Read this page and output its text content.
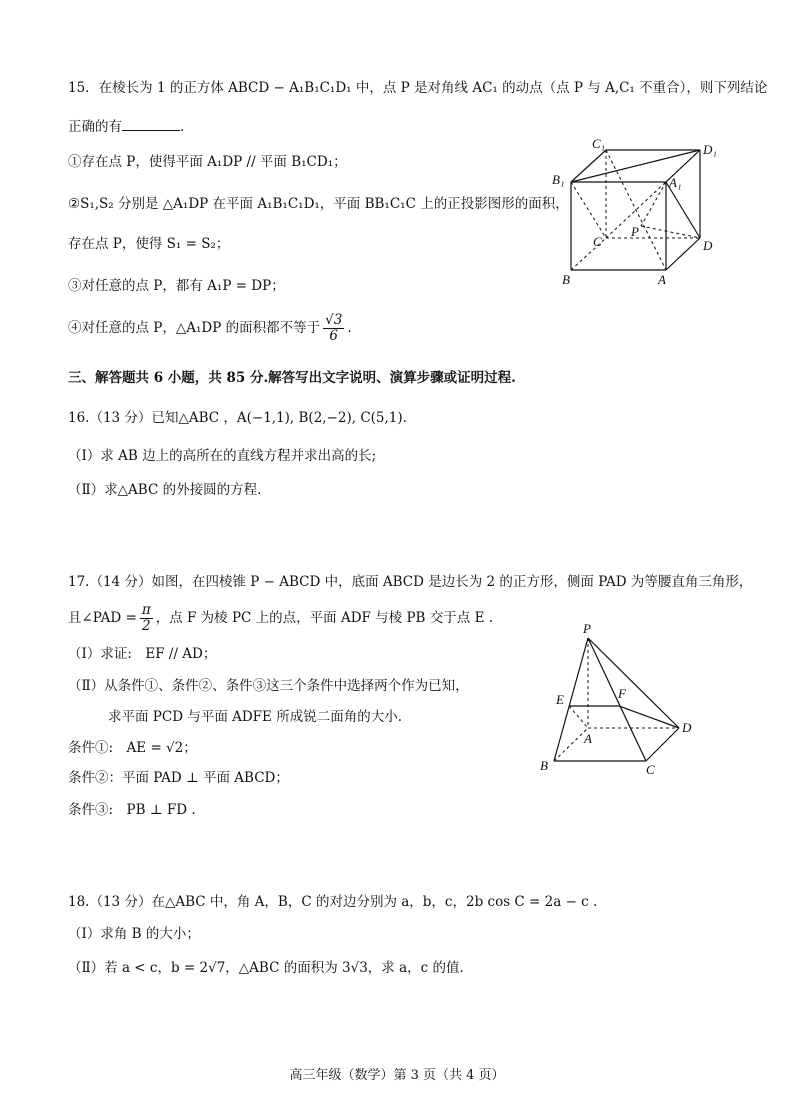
15．在棱长为 1 的正方体 ABCD − A₁B₁C₁D₁ 中，点 P 是对角线 AC₁ 的动点（点 P 与 A,C₁ 不重合），则下列结论
正确的有	.
①存在点 P，使得平面 A₁DP // 平面 B₁CD₁；
②S₁,S₂ 分别是 △A₁DP 在平面 A₁B₁C₁D₁，平面 BB₁C₁C 上的正投影图形的面积，
存在点 P，使得 S₁ = S₂；
③对任意的点 P，都有 A₁P = DP；
④对任意的点 P，△A₁DP 的面积都不等于 $\frac{√3}{6}$ .
C₁	D₁
B₁	A₁
C
P
D
B	A
三、解答题共 6 小题，共 85 分.解答写出文字说明、演算步骤或证明过程.
16.（13 分）已知△ABC ，A(−1,1), B(2,−2), C(5,1).
（Ⅰ）求 AB 边上的高所在的直线方程并求出高的长;
（Ⅱ）求△ABC 的外接圆的方程.
17.（14 分）如图，在四棱锥 P − ABCD 中，底面 ABCD 是边长为 2 的正方形，侧面 PAD 为等腰直角三角形，
且∠PAD = $\frac{\pi}{2}$ ，点 F 为棱 PC 上的点，平面 ADF 与棱 PB 交于点 E .
（Ⅰ）求证:　EF // AD；
（Ⅱ）从条件①、条件②、条件③这三个条件中选择两个作为已知，
求平面 PCD 与平面 ADFE 所成锐二面角的大小.
条件①:　AE = √2；
条件②：平面 PAD ⊥ 平面 ABCD；
条件③:　PB ⊥ FD .
P
E	F
A
D
B	C
18.（13 分）在△ABC 中，角 A，B，C 的对边分别为 a，b，c，2b cos C = 2a − c .
（Ⅰ）求角 B 的大小；
（Ⅱ）若 a < c，b = 2√7，△ABC 的面积为 3√3，求 a，c 的值.
高三年级（数学）第 3 页（共 4 页）
